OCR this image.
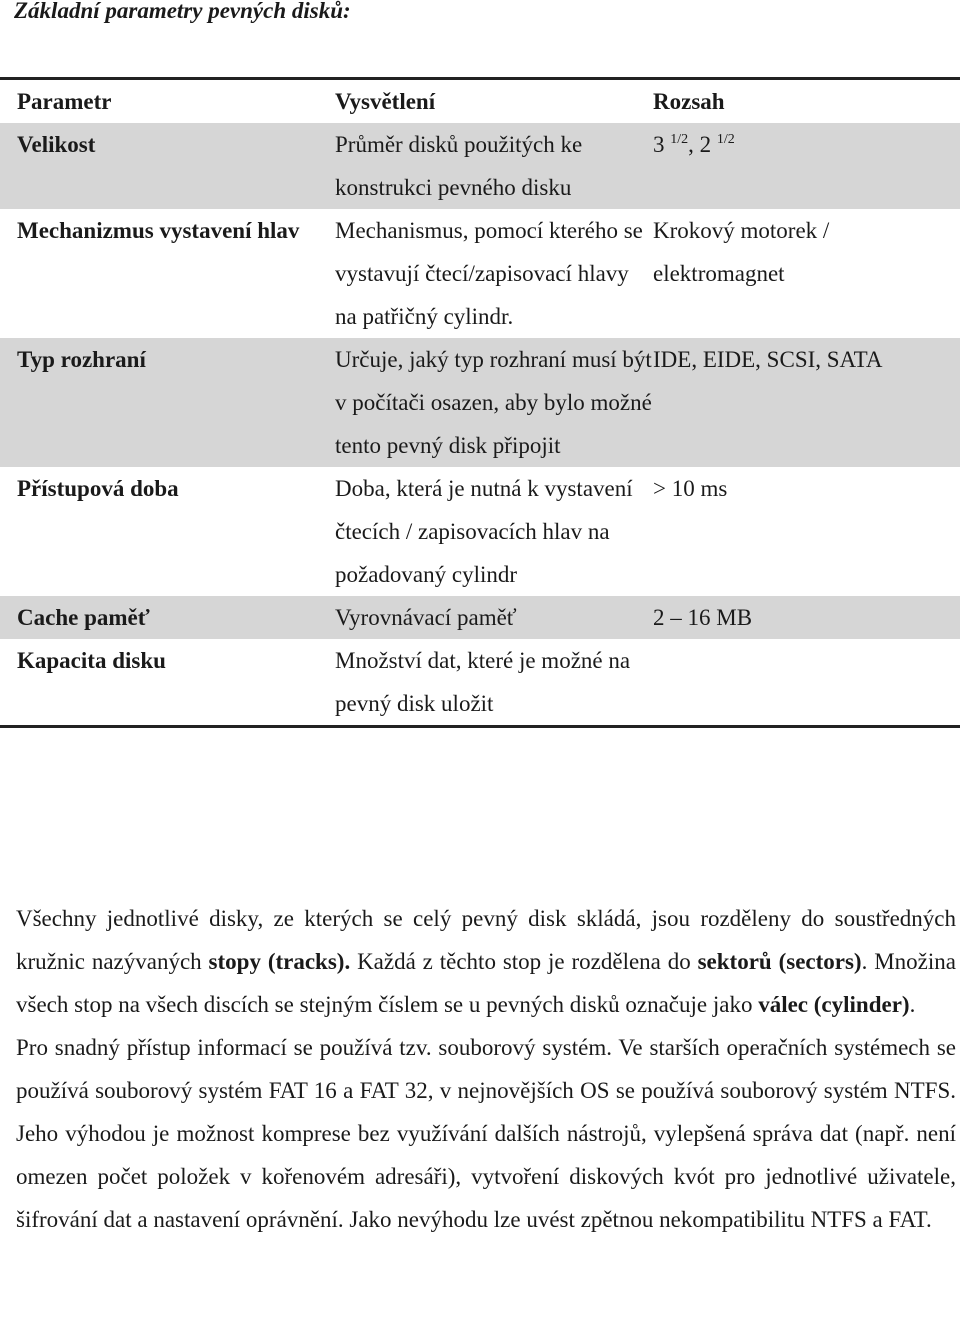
Základní parametry pevných disků:
Parametr	Vysvětlení	Rozsah
Velikost	Průměr disků použitých ke konstrukci pevného disku	3 $^{1/2}$, 2 $^{1/2}$
Mechanizmus vystavení hlav	Mechanismus, pomocí kterého se vystavují čtecí/zapisovací hlavy na patřičný cylindr.	Krokový motorek / elektromagnet
Typ rozhraní	Určuje, jaký typ rozhraní musí být v počítači osazen, aby bylo možné tento pevný disk připojit	IDE, EIDE, SCSI, SATA
Přístupová doba	Doba, která je nutná k vystavení čtecích / zapisovacích hlav na požadovaný cylindr	> 10 ms
Cache paměť	Vyrovnávací paměť	2 – 16 MB
Kapacita disku	Množství dat, které je možné na pevný disk uložit	

Všechny jednotlivé disky, ze kterých se celý pevný disk skládá, jsou rozděleny do soustředných kružnic nazývaných stopy (tracks). Každá z těchto stop je rozdělena do sektorů (sectors). Množina všech stop na všech discích se stejným číslem se u pevných disků označuje jako válec (cylinder).

Pro snadný přístup informací se používá tzv. souborový systém. Ve starších operačních systémech se používá souborový systém FAT 16 a FAT 32, v nejnovějších OS se používá souborový systém NTFS. Jeho výhodou je možnost komprese bez využívání dalších nástrojů, vylepšená správa dat (např. není omezen počet položek v kořenovém adresáři), vytvoření diskových kvót pro jednotlivé uživatele, šifrování dat a nastavení oprávnění. Jako nevýhodu lze uvést zpětnou nekompatibilitu NTFS a FAT.
